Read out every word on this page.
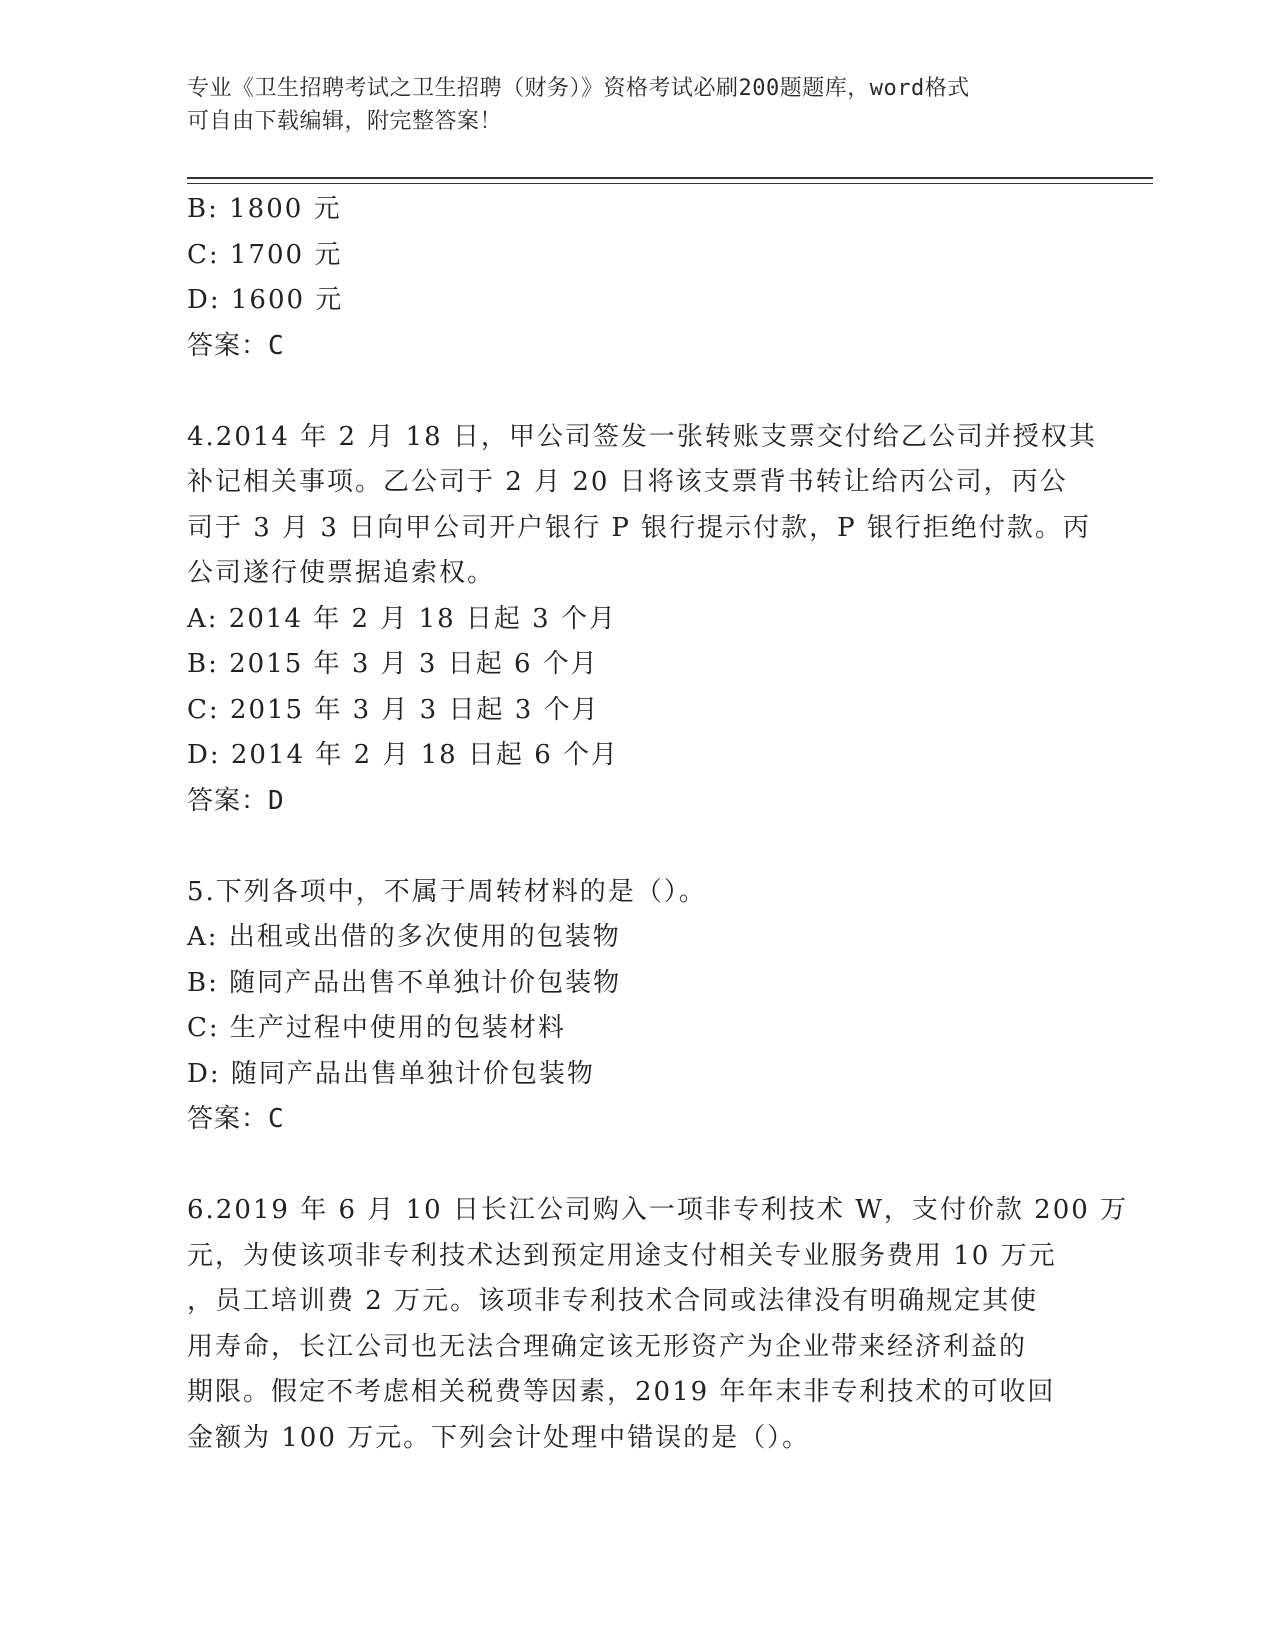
专业《卫生招聘考试之卫生招聘（财务）》资格考试必刷200题题库，word格式
可自由下载编辑，附完整答案！
B: 1800 元
C: 1700 元
D: 1600 元
答案：C
4.2014 年 2 月 18 日，甲公司签发一张转账支票交付给乙公司并授权其
补记相关事项。乙公司于 2 月 20 日将该支票背书转让给丙公司，丙公
司于 3 月 3 日向甲公司开户银行 P 银行提示付款，P 银行拒绝付款。丙
公司遂行使票据追索权。
A: 2014 年 2 月 18 日起 3 个月
B: 2015 年 3 月 3 日起 6 个月
C: 2015 年 3 月 3 日起 3 个月
D: 2014 年 2 月 18 日起 6 个月
答案：D
5.下列各项中，不属于周转材料的是（）。
A: 出租或出借的多次使用的包装物
B: 随同产品出售不单独计价包装物
C: 生产过程中使用的包装材料
D: 随同产品出售单独计价包装物
答案：C
6.2019 年 6 月 10 日长江公司购入一项非专利技术 W，支付价款 200 万
元，为使该项非专利技术达到预定用途支付相关专业服务费用 10 万元
，员工培训费 2 万元。该项非专利技术合同或法律没有明确规定其使
用寿命，长江公司也无法合理确定该无形资产为企业带来经济利益的
期限。假定不考虑相关税费等因素，2019 年年末非专利技术的可收回
金额为 100 万元。下列会计处理中错误的是（）。
